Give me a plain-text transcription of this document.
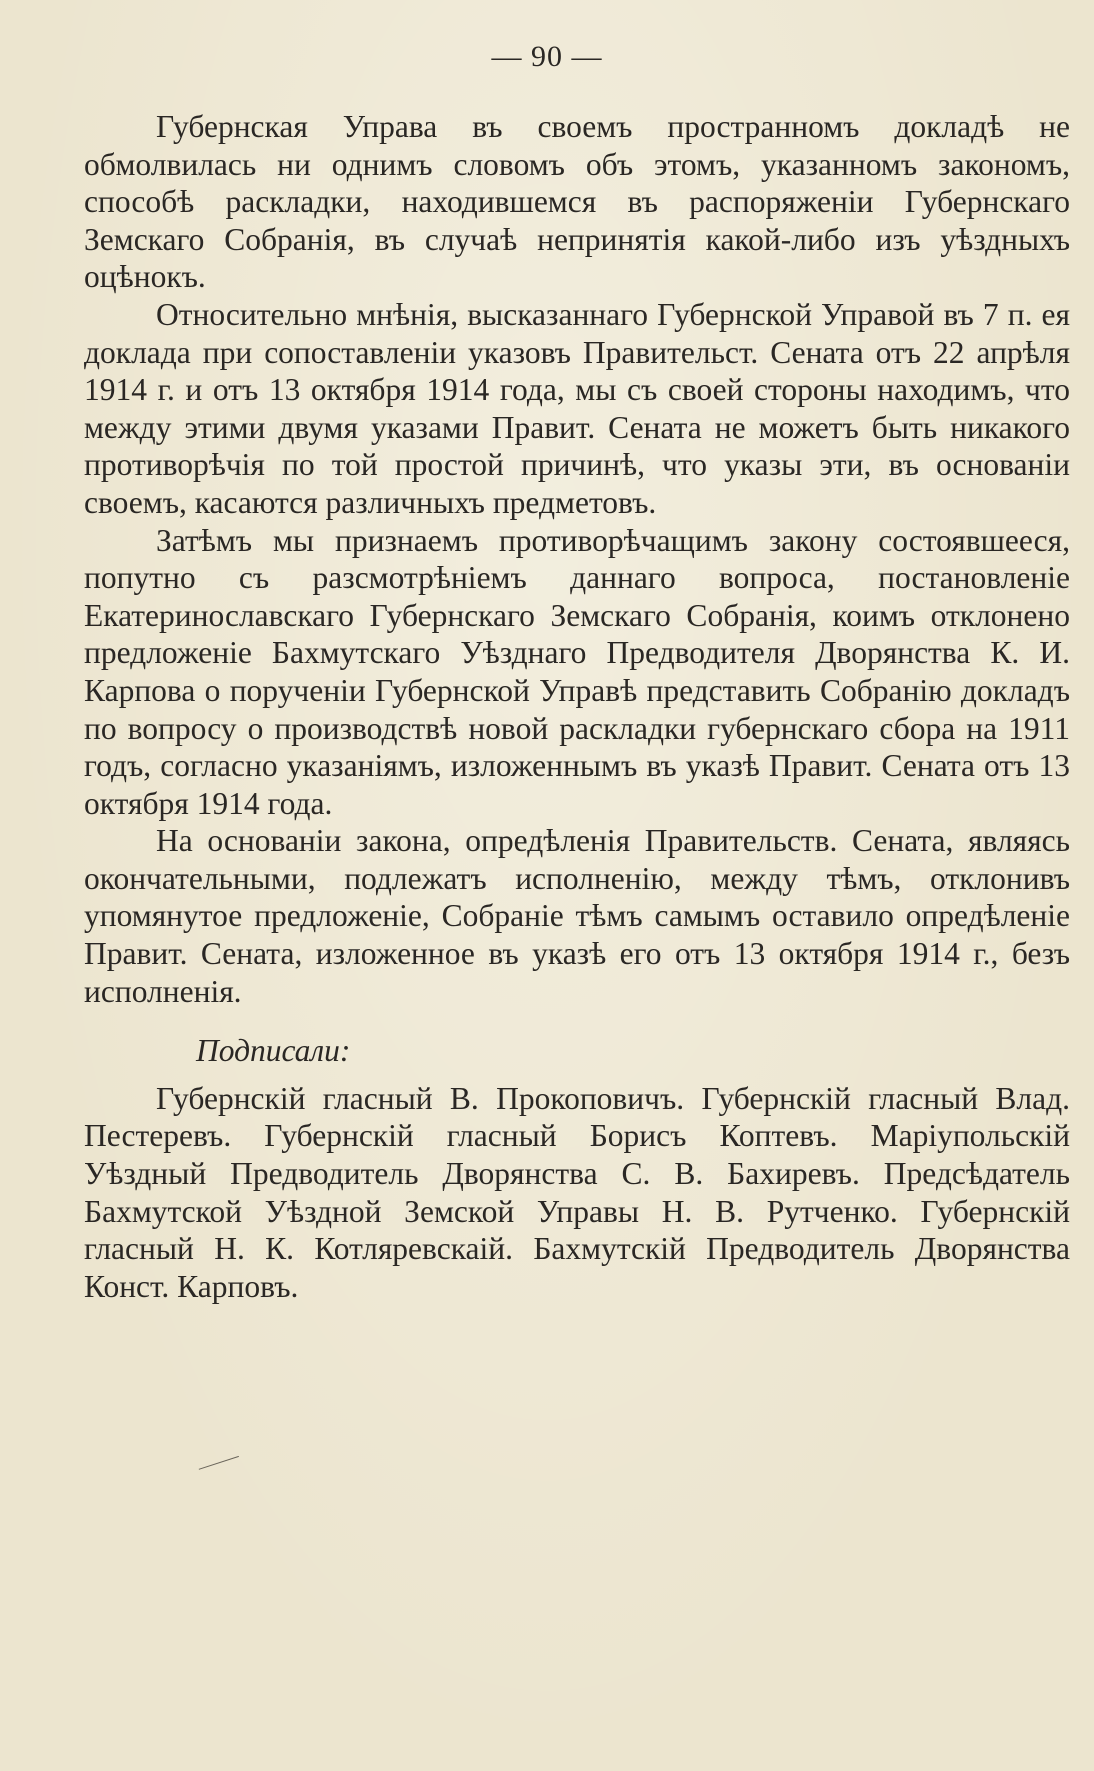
— 90 —

Губернская Управа въ своемъ пространномъ докладѣ не обмолвилась ни однимъ словомъ объ этомъ, указанномъ закономъ, способѣ раскладки, находившемся въ распоряженіи Губернскаго Земскаго Собранія, въ случаѣ непринятія какой-либо изъ уѣздныхъ оцѣнокъ.

Относительно мнѣнія, высказаннаго Губернской Управой въ 7 п. ея доклада при сопоставленіи указовъ Правительст. Сената отъ 22 апрѣля 1914 г. и отъ 13 октября 1914 года, мы съ своей стороны находимъ, что между этими двумя указами Правит. Сената не можетъ быть никакого противорѣчія по той простой причинѣ, что указы эти, въ основаніи своемъ, касаются различныхъ предметовъ.

Затѣмъ мы признаемъ противорѣчащимъ закону состоявшееся, попутно съ разсмотрѣніемъ даннаго вопроса, постановленіе Екатеринославскаго Губернскаго Земскаго Собранія, коимъ отклонено предложеніе Бахмутскаго Уѣзднаго Предводителя Дворянства К. И. Карпова о порученіи Губернской Управѣ представить Собранію докладъ по вопросу о производствѣ новой раскладки губернскаго сбора на 1911 годъ, согласно указаніямъ, изложеннымъ въ указѣ Правит. Сената отъ 13 октября 1914 года.

На основаніи закона, опредѣленія Правительств. Сената, являясь окончательными, подлежатъ исполненію, между тѣмъ, отклонивъ упомянутое предложеніе, Собраніе тѣмъ самымъ оставило опредѣленіе Правит. Сената, изложенное въ указѣ его отъ 13 октября 1914 г., безъ исполненія.

Подписали:

Губернскій гласный В. Прокоповичъ. Губернскій гласный Влад. Пестеревъ. Губернскій гласный Борисъ Коптевъ. Маріупольскій Уѣздный Предводитель Дворянства С. В. Бахиревъ. Предсѣдатель Бахмутской Уѣздной Земской Управы Н. В. Рутченко. Губернскій гласный Н. К. Котляревскаій. Бахмутскій Предводитель Дворянства Конст. Карповъ.
